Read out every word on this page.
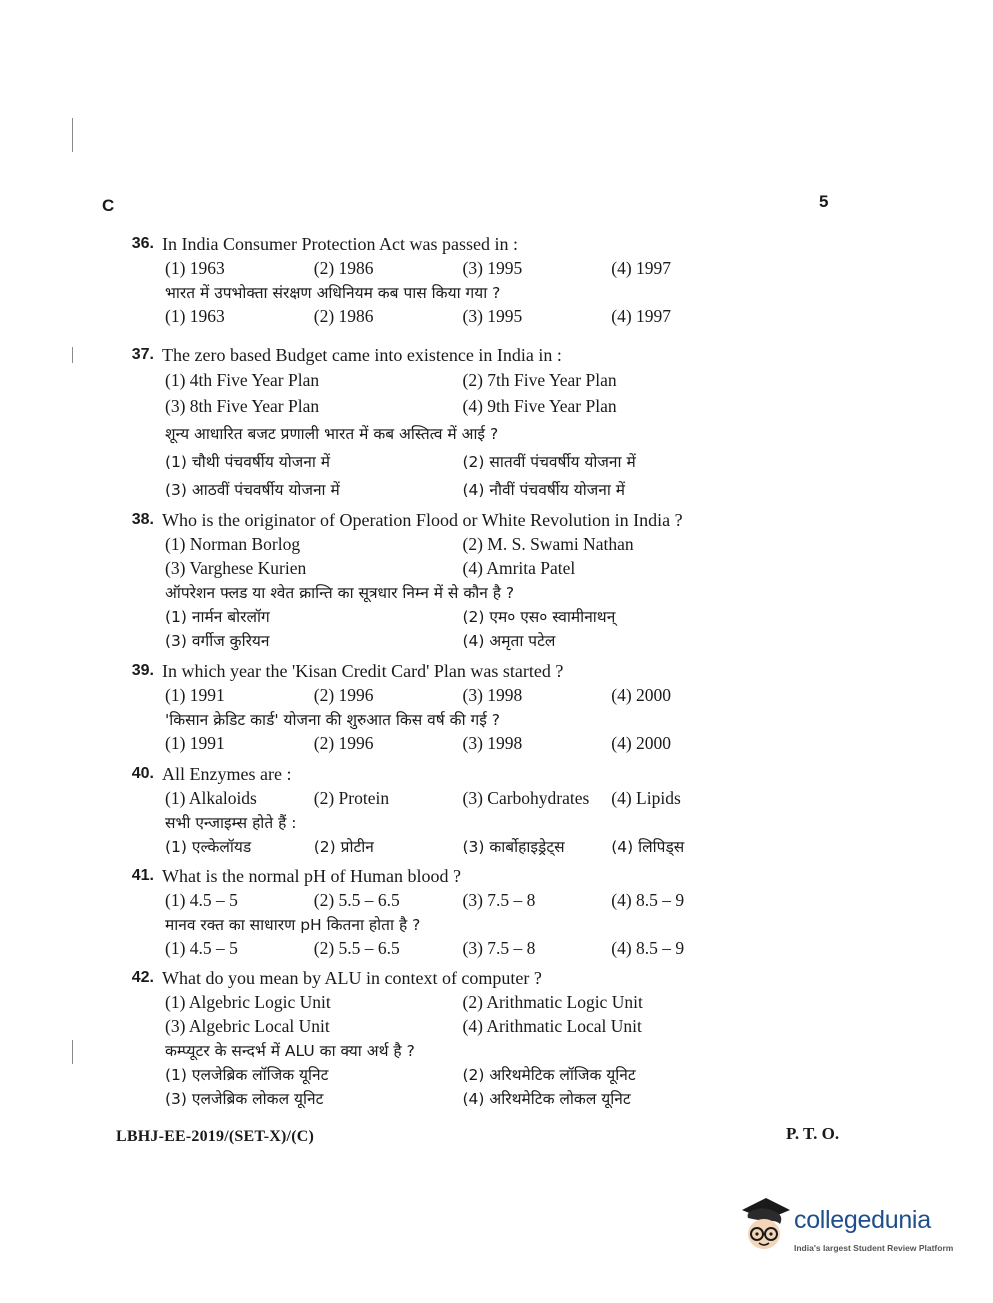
C	5
36. In India Consumer Protection Act was passed in :
(1) 1963	(2) 1986	(3) 1995	(4) 1997
भारत में उपभोक्ता संरक्षण अधिनियम कब पास किया गया ?
(1) 1963	(2) 1986	(3) 1995	(4) 1997
37. The zero based Budget came into existence in India in :
(1) 4th Five Year Plan	(2) 7th Five Year Plan
(3) 8th Five Year Plan	(4) 9th Five Year Plan
शून्य आधारित बजट प्रणाली भारत में कब अस्तित्व में आई ?
(1) चौथी पंचवर्षीय योजना में	(2) सातवीं पंचवर्षीय योजना में
(3) आठवीं पंचवर्षीय योजना में	(4) नौवीं पंचवर्षीय योजना में
38. Who is the originator of Operation Flood or White Revolution in India ?
(1) Norman Borlog	(2) M. S. Swami Nathan
(3) Varghese Kurien	(4) Amrita Patel
ऑपरेशन फ्लड या श्वेत क्रान्ति का सूत्रधार निम्न में से कौन है ?
(1) नार्मन बोरलॉग	(2) एम० एस० स्वामीनाथन्
(3) वर्गीज कुरियन	(4) अमृता पटेल
39. In which year the 'Kisan Credit Card' Plan was started ?
(1) 1991	(2) 1996	(3) 1998	(4) 2000
'किसान क्रेडिट कार्ड' योजना की शुरुआत किस वर्ष की गई ?
(1) 1991	(2) 1996	(3) 1998	(4) 2000
40. All Enzymes are :
(1) Alkaloids	(2) Protein	(3) Carbohydrates	(4) Lipids
सभी एन्जाइम्स होते हैं :
(1) एल्केलॉयड	(2) प्रोटीन	(3) कार्बोहाइड्रेट्स	(4) लिपिड्स
41. What is the normal pH of Human blood ?
(1) 4.5 – 5	(2) 5.5 – 6.5	(3) 7.5 – 8	(4) 8.5 – 9
मानव रक्त का साधारण pH कितना होता है ?
(1) 4.5 – 5	(2) 5.5 – 6.5	(3) 7.5 – 8	(4) 8.5 – 9
42. What do you mean by ALU in context of computer ?
(1) Algebric Logic Unit	(2) Arithmatic Logic Unit
(3) Algebric Local Unit	(4) Arithmatic Local Unit
कम्प्यूटर के सन्दर्भ में ALU का क्या अर्थ है ?
(1) एलजेब्रिक लॉजिक यूनिट	(2) अरिथमेटिक लॉजिक यूनिट
(3) एलजेब्रिक लोकल यूनिट	(4) अरिथमेटिक लोकल यूनिट
LBHJ-EE-2019/(SET-X)/(C)	P. T. O.
collegedunia
India's largest Student Review Platform
